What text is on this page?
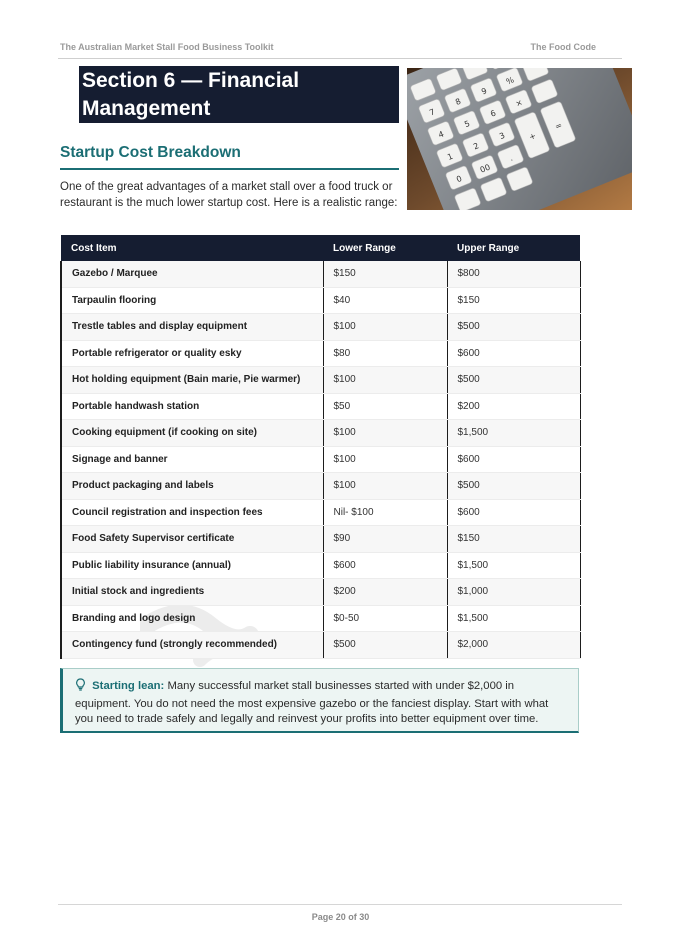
The Australian Market Stall Food Business Toolkit	The Food Code
Section 6 — Financial Management	7
8
9
%
4
5
6
×
1
2
3	+
=
0
00
.
Startup Cost Breakdown
One of the great advantages of a market stall over a food truck or restaurant is the much lower startup cost. Here is a realistic range:
Cost Item	Lower Range	Upper Range
Gazebo / Marquee	$150	$800
Tarpaulin flooring	$40	$150
Trestle tables and display equipment	$100	$500
Portable refrigerator or quality esky	$80	$600
Hot holding equipment (Bain marie, Pie warmer)	$100	$500
Portable handwash station	$50	$200
Cooking equipment (if cooking on site)	$100	$1,500
Signage and banner	$100	$600
Product packaging and labels	$100	$500
Council registration and inspection fees	Nil- $100	$600
Food Safety Supervisor certificate	$90	$150
Public liability insurance (annual)	$600	$1,500
Initial stock and ingredients	$200	$1,000
Branding and logo design	$0-50	$1,500
Contingency fund (strongly recommended)	$500	$2,000
Starting lean: Many successful market stall businesses started with under $2,000 in equipment. You do not need the most expensive gazebo or the fanciest display. Start with what you need to trade safely and legally and reinvest your profits into better equipment over time.
Page 20 of 30
